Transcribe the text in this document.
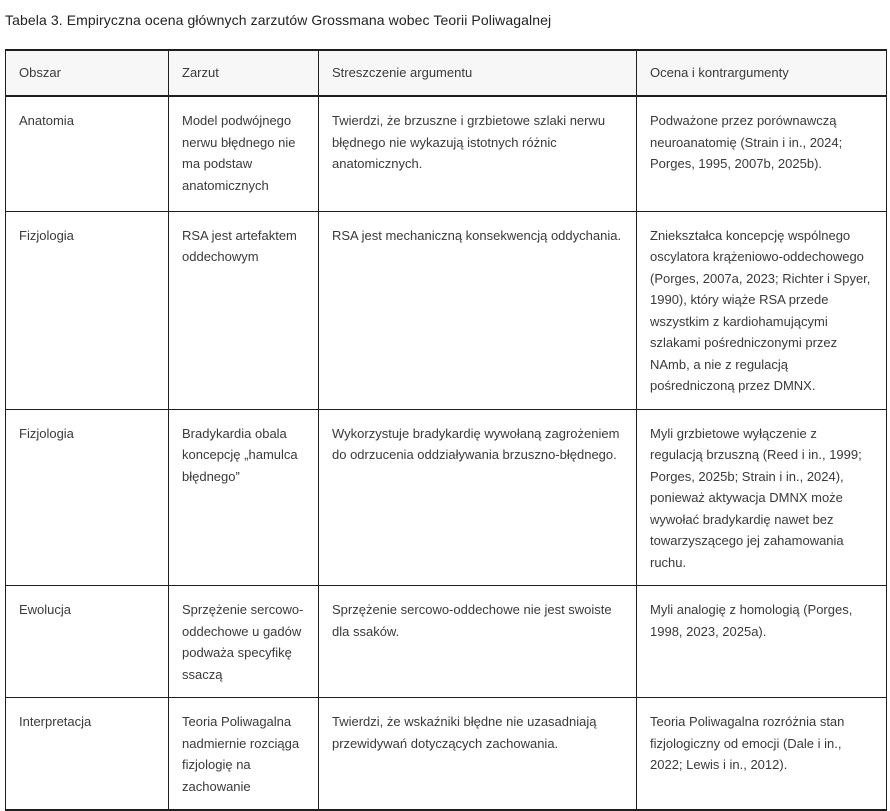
Tabela 3. Empiryczna ocena głównych zarzutów Grossmana wobec Teorii Poliwagalnej
Obszar	Zarzut	Streszczenie argumentu	Ocena i kontrargumenty
Anatomia	Model podwójnego nerwu błędnego nie ma podstaw anatomicznych	Twierdzi, że brzuszne i grzbietowe szlaki nerwu błędnego nie wykazują istotnych różnic anatomicznych.	Podważone przez porównawczą neuroanatomię (Strain i in., 2024; Porges, 1995, 2007b, 2025b).
Fizjologia	RSA jest artefaktem oddechowym	RSA jest mechaniczną konsekwencją oddychania.	Zniekształca koncepcję wspólnego oscylatora krążeniowo-oddechowego (Porges, 2007a, 2023; Richter i Spyer, 1990), który wiąże RSA przede wszystkim z kardiohamującymi szlakami pośredniczonymi przez NAmb, a nie z regulacją pośredniczoną przez DMNX.
Fizjologia	Bradykardia obala koncepcję „hamulca błędnego”	Wykorzystuje bradykardię wywołaną zagrożeniem do odrzucenia oddziaływania brzuszno-błędnego.	Myli grzbietowe wyłączenie z regulacją brzuszną (Reed i in., 1999; Porges, 2025b; Strain i in., 2024), ponieważ aktywacja DMNX może wywołać bradykardię nawet bez towarzyszącego jej zahamowania ruchu.
Ewolucja	Sprzężenie sercowo-oddechowe u gadów podważa specyfikę ssaczą	Sprzężenie sercowo-oddechowe nie jest swoiste dla ssaków.	Myli analogię z homologią (Porges, 1998, 2023, 2025a).
Interpretacja	Teoria Poliwagalna nadmiernie rozciąga fizjologię na zachowanie	Twierdzi, że wskaźniki błędne nie uzasadniają przewidywań dotyczących zachowania.	Teoria Poliwagalna rozróżnia stan fizjologiczny od emocji (Dale i in., 2022; Lewis i in., 2012).
